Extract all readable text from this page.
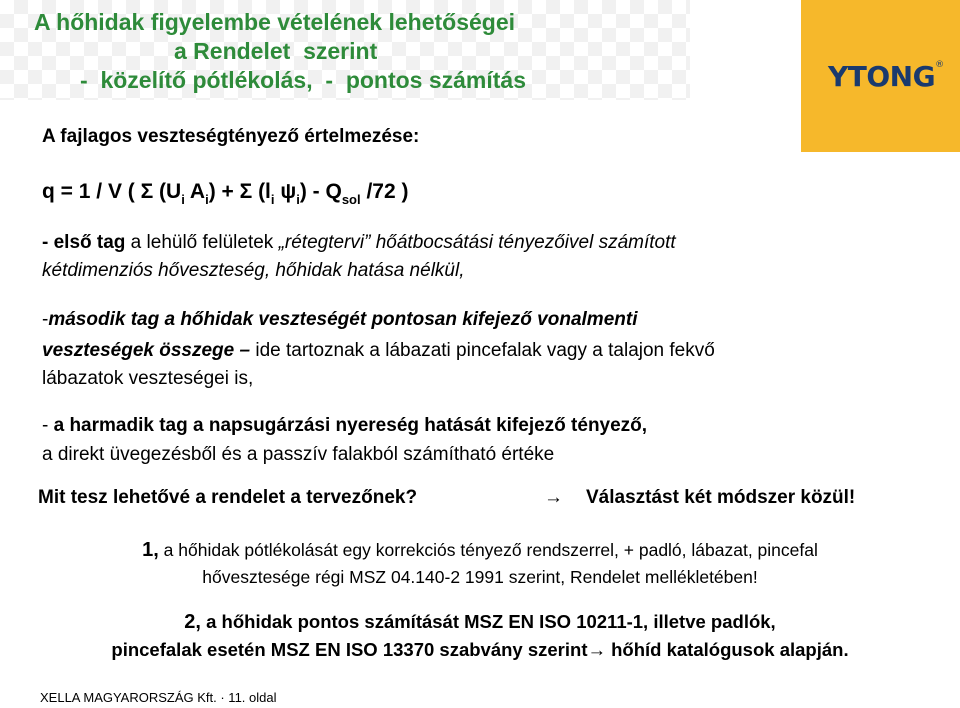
A hőhidak figyelembe vételének lehetőségei
a Rendelet  szerint
-  közelítő pótlékolás,  -  pontos számítás	YTONG®
A fajlagos veszteségtényező értelmezése:
q = 1 / V ( Σ ($U_i$ $A_i) + \Sigma$ ($l_i$ $\psi_i) - Q_{sol}$ /72 )
- első tag a lehülő felületek „rétegtervi” hőátbocsátási tényezőivel számított
kétdimenziós hőveszteség, hőhidak hatása nélkül,
-második tag a hőhidak veszteségét pontosan kifejező vonalmenti
veszteségek összege – ide tartoznak a lábazati pincefalak vagy a talajon fekvő
lábazatok veszteségei is,
- a harmadik tag a napsugárzási nyereség hatását kifejező tényező,
a direkt üvegezésből és a passzív falakból számítható értéke
Mit tesz lehetővé a rendelet a tervezőnek?	→ Választást két módszer közül!
1, a hőhidak pótlékolását egy korrekciós tényező rendszerrel, + padló, lábazat, pincefal
hővesztesége régi MSZ 04.140-2 1991 szerint, Rendelet mellékletében!
2, a hőhidak pontos számítását MSZ EN ISO 10211-1, illetve padlók,
pincefalak esetén MSZ EN ISO 13370 szabvány szerint→ hőhíd katalógusok alapján.
XELLA MAGYARORSZÁG Kft. · 11. oldal
